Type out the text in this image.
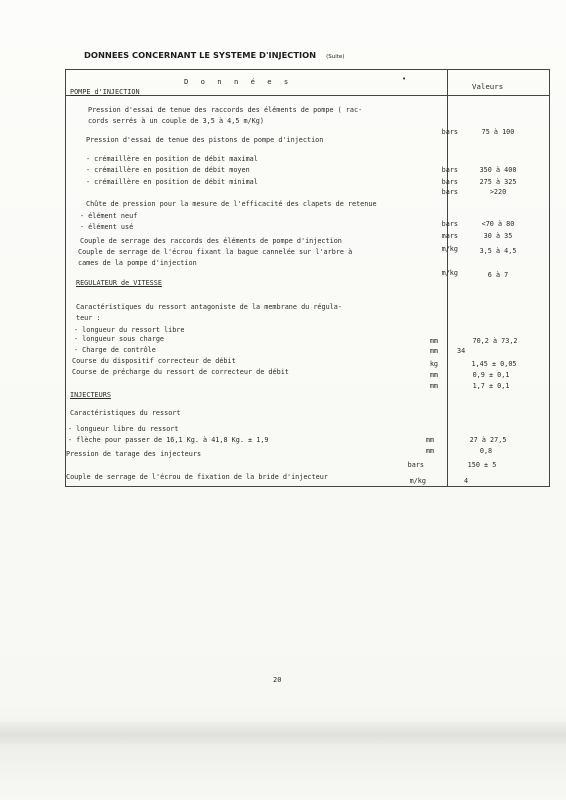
DONNEES CONCERNANT LE SYSTEME D'INJECTION (Suite)
D o n n é e s	•
Valeurs
POMPE d'INJECTION
Pression d'essai de tenue des raccords des éléments de pompe ( rac-
cords serrés à un couple de 3,5 à 4,5 m/Kg)
bars	75 à 100
Pression d'essai de tenue des pistons de pompe d'injection
- crémaillère en position de débit maximal
bars	350 à 400
- crémaillère en position de débit moyen
bars	275 à 325
- crémaillère en position de débit minimal
bars	>220
Chûte de pression pour la mesure de l'efficacité des clapets de retenue
- élément neuf
bars	<70 à 80
- élément usé
mars	30 à 35
Couple de serrage des raccords des éléments de pompe d'injection
m/kg	3,5 à 4,5
Couple de serrage de l'écrou fixant la bague cannelée sur l'arbre à
cames de la pompe d'injection
m/kg	6 à 7
REGULATEUR de VITESSE
Caractéristiques du ressort antagoniste de la membrane du régula-
teur :
- longueur du ressort libre
mm	70,2 à 73,2
- longueur sous charge
mm	34
- Charge de contrôle
kg	1,45 ± 0,05
Course du dispositif correcteur de débit
mm	0,9 ± 0,1
Course de précharge du ressort de correcteur de débit
mm	1,7 ± 0,1
INJECTEURS
Caractéristiques du ressort
- longueur libre du ressort
mm	27 à 27,5
- flèche pour passer de 16,1 Kg. à 41,8 Kg. ± 1,9
mm	0,8
Pression de tarage des injecteurs
bars	150 ± 5
Couple de serrage de l'écrou de fixation de la bride d'injecteur	m/kg	4
20
